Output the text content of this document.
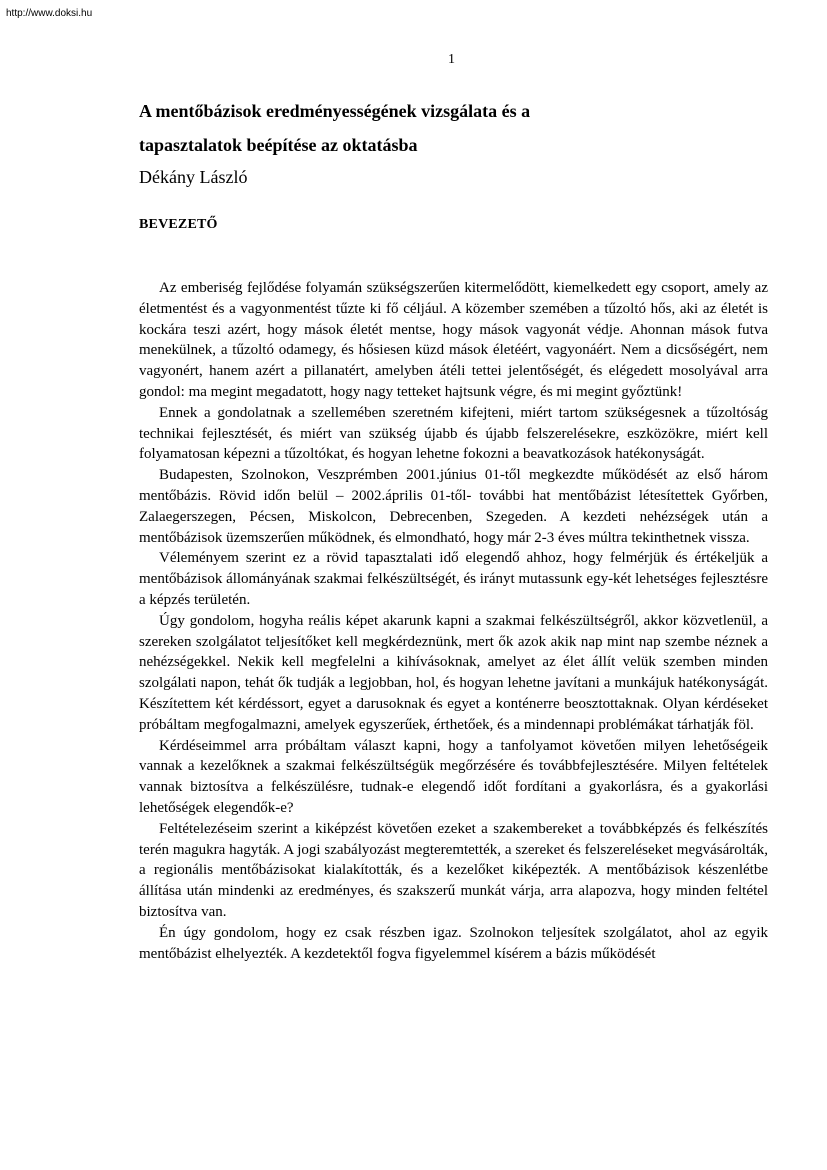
http://www.doksi.hu
1
A mentőbázisok eredményességének vizsgálata és a
tapasztalatok beépítése az oktatásba
Dékány László
BEVEZETŐ

Az emberiség fejlődése folyamán szükségszerűen kitermelődött, kiemelkedett egy csoport, amely az életmentést és a vagyonmentést tűzte ki fő céljául. A közember szemében a tűzoltó hős, aki az életét is kockára teszi azért, hogy mások életét mentse, hogy mások vagyonát védje. Ahonnan mások futva menekülnek, a tűzoltó odamegy, és hősiesen küzd mások életéért, vagyonáért. Nem a dicsőségért, nem vagyonért, hanem azért a pillanatért, amelyben átéli tettei jelentőségét, és elégedett mosolyával arra gondol: ma megint megadatott, hogy nagy tetteket hajtsunk végre, és mi megint győztünk!

Ennek a gondolatnak a szellemében szeretném kifejteni, miért tartom szükségesnek a tűzoltóság technikai fejlesztését, és miért van szükség újabb és újabb felszerelésekre, eszközökre, miért kell folyamatosan képezni a tűzoltókat, és hogyan lehetne fokozni a beavatkozások hatékonyságát.

Budapesten, Szolnokon, Veszprémben 2001.június 01-től megkezdte működését az első három mentőbázis. Rövid időn belül – 2002.április 01-től- további hat mentőbázist létesítettek Győrben, Zalaegerszegen, Pécsen, Miskolcon, Debrecenben, Szegeden. A kezdeti nehézségek után a mentőbázisok üzemszerűen működnek, és elmondható, hogy már 2-3 éves múltra tekinthetnek vissza.

Véleményem szerint ez a rövid tapasztalati idő elegendő ahhoz, hogy felmérjük és értékeljük a mentőbázisok állományának szakmai felkészültségét, és irányt mutassunk egy-két lehetséges fejlesztésre a képzés területén.

Úgy gondolom, hogyha reális képet akarunk kapni a szakmai felkészültségről, akkor közvetlenül, a szereken szolgálatot teljesítőket kell megkérdeznünk, mert ők azok akik nap mint nap szembe néznek a nehézségekkel. Nekik kell megfelelni a kihívásoknak, amelyet az élet állít velük szemben minden szolgálati napon, tehát ők tudják a legjobban, hol, és hogyan lehetne javítani a munkájuk hatékonyságát. Készítettem két kérdéssort, egyet a darusoknak és egyet a konténerre beosztottaknak. Olyan kérdéseket próbáltam megfogalmazni, amelyek egyszerűek, érthetőek, és a mindennapi problémákat tárhatják föl.

Kérdéseimmel arra próbáltam választ kapni, hogy a tanfolyamot követően milyen lehetőségeik vannak a kezelőknek a szakmai felkészültségük megőrzésére és továbbfejlesztésére. Milyen feltételek vannak biztosítva a felkészülésre, tudnak-e elegendő időt fordítani a gyakorlásra, és a gyakorlási lehetőségek elegendők-e?

Feltételezéseim szerint a kiképzést követően ezeket a szakembereket a továbbképzés és felkészítés terén magukra hagyták. A jogi szabályozást megteremtették, a szereket és felszereléseket megvásárolták, a regionális mentőbázisokat kialakították, és a kezelőket kiképezték. A mentőbázisok készenlétbe állítása után mindenki az eredményes, és szakszerű munkát várja, arra alapozva, hogy minden feltétel biztosítva van.

Én úgy gondolom, hogy ez csak részben igaz. Szolnokon teljesítek szolgálatot, ahol az egyik mentőbázist elhelyezték. A kezdetektől fogva figyelemmel kísérem a bázis működését
